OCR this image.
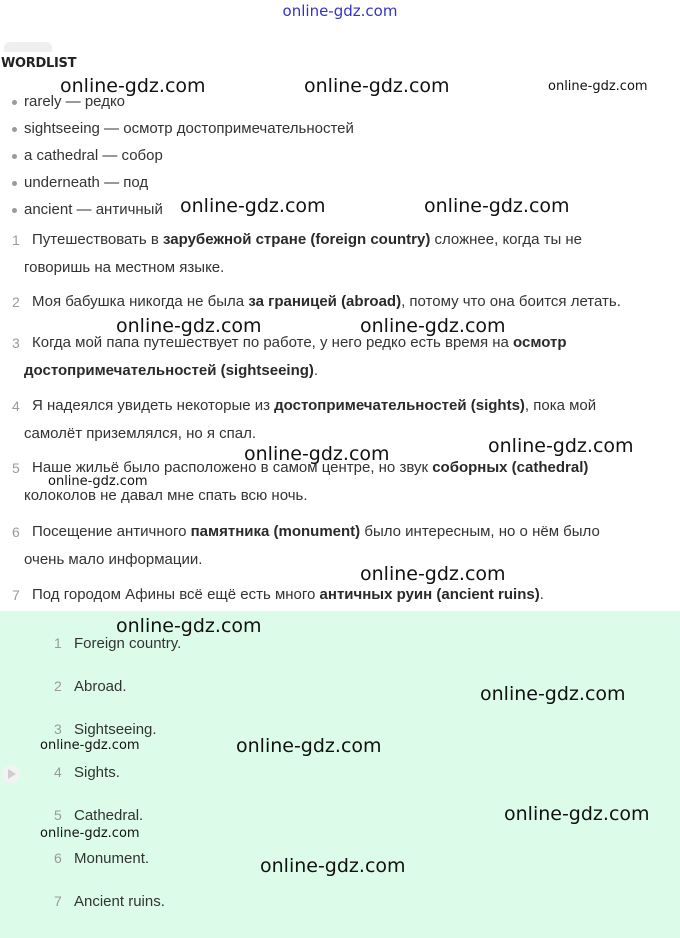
online-gdz.com
WORDLIST
rarely — редко
sightseeing — осмотр достопримечательностей
a cathedral — собор
underneath — под
ancient — античный
1 Путешествовать в зарубежной стране (foreign country) сложнее, когда ты не
говоришь на местном языке.
2 Моя бабушка никогда не была за границей (abroad), потому что она боится летать.
3 Когда мой папа путешествует по работе, у него редко есть время на осмотр
достопримечательностей (sightseeing).
4 Я надеялся увидеть некоторые из достопримечательностей (sights), пока мой
самолёт приземлялся, но я спал.
5 Наше жильё было расположено в самом центре, но звук соборных (cathedral)
колоколов не давал мне спать всю ночь.
6 Посещение античного памятника (monument) было интересным, но о нём было
очень мало информации.
7 Под городом Афины всё ещё есть много античных руин (ancient ruins).
1 Foreign country.
2 Abroad.
3 Sightseeing.
4 Sights.
5 Cathedral.
6 Monument.
7 Ancient ruins.
online-gdz.com	online-gdz.com	online-gdz.com
online-gdz.com	online-gdz.com
online-gdz.com	online-gdz.com
online-gdz.com	online-gdz.com
online-gdz.com
online-gdz.com
online-gdz.com
online-gdz.com
online-gdz.com	online-gdz.com
online-gdz.com
online-gdz.com
online-gdz.com
